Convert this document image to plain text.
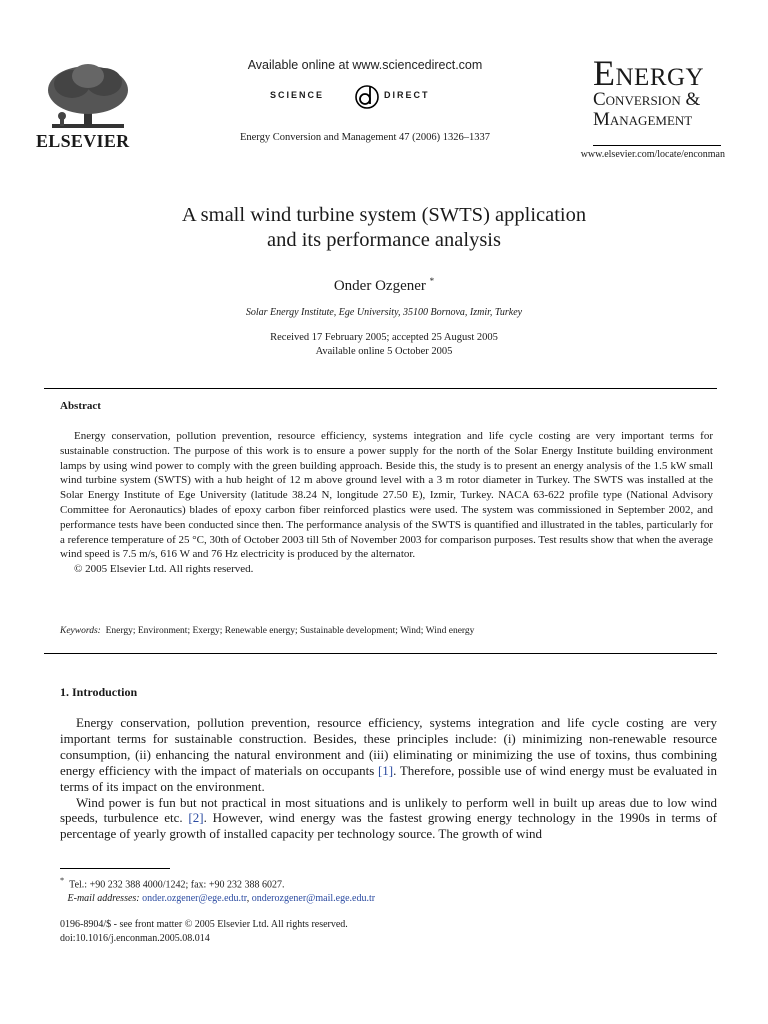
ELSEVIER
Available online at www.sciencedirect.com
SCIENCE	DIRECT
Energy Conversion and Management 47 (2006) 1326–1337
Energy
Conversion &
Management
www.elsevier.com/locate/enconman
A small wind turbine system (SWTS) application
and its performance analysis
Onder Ozgener *
Solar Energy Institute, Ege University, 35100 Bornova, Izmir, Turkey
Received 17 February 2005; accepted 25 August 2005
Available online 5 October 2005
Abstract

Energy conservation, pollution prevention, resource efficiency, systems integration and life cycle costing are very important terms for sustainable construction. The purpose of this work is to ensure a power supply for the north of the Solar Energy Institute building environment lamps by using wind power to comply with the green building approach. Beside this, the study is to present an energy analysis of the 1.5 kW small wind turbine system (SWTS) with a hub height of 12 m above ground level with a 3 m rotor diameter in Turkey. The SWTS was installed at the Solar Energy Institute of Ege University (latitude 38.24 N, longitude 27.50 E), Izmir, Turkey. NACA 63-622 profile type (National Advisory Committee for Aeronautics) blades of epoxy carbon fiber reinforced plastics were used. The system was commissioned in September 2002, and performance tests have been conducted since then. The performance analysis of the SWTS is quantified and illustrated in the tables, particularly for a reference temperature of 25 °C, 30th of October 2003 till 5th of November 2003 for comparison purposes. Test results show that when the average wind speed is 7.5 m/s, 616 W and 76 Hz electricity is produced by the alternator.

© 2005 Elsevier Ltd. All rights reserved.

Keywords: Energy; Environment; Exergy; Renewable energy; Sustainable development; Wind; Wind energy
1. Introduction

Energy conservation, pollution prevention, resource efficiency, systems integration and life cycle costing are very important terms for sustainable construction. Besides, these principles include: (i) minimizing non-renewable resource consumption, (ii) enhancing the natural environment and (iii) eliminating or minimizing the use of toxins, thus combining energy efficiency with the impact of materials on occupants [1]. Therefore, possible use of wind energy must be evaluated in terms of its impact on the environment.

Wind power is fun but not practical in most situations and is unlikely to perform well in built up areas due to low wind speeds, turbulence etc. [2]. However, wind energy was the fastest growing energy technology in the 1990s in terms of percentage of yearly growth of installed capacity per technology source. The growth of wind

* Tel.: +90 232 388 4000/1242; fax: +90 232 388 6027.
E-mail addresses: onder.ozgener@ege.edu.tr, onderozgener@mail.ege.edu.tr
0196-8904/$ - see front matter © 2005 Elsevier Ltd. All rights reserved.
doi:10.1016/j.enconman.2005.08.014
